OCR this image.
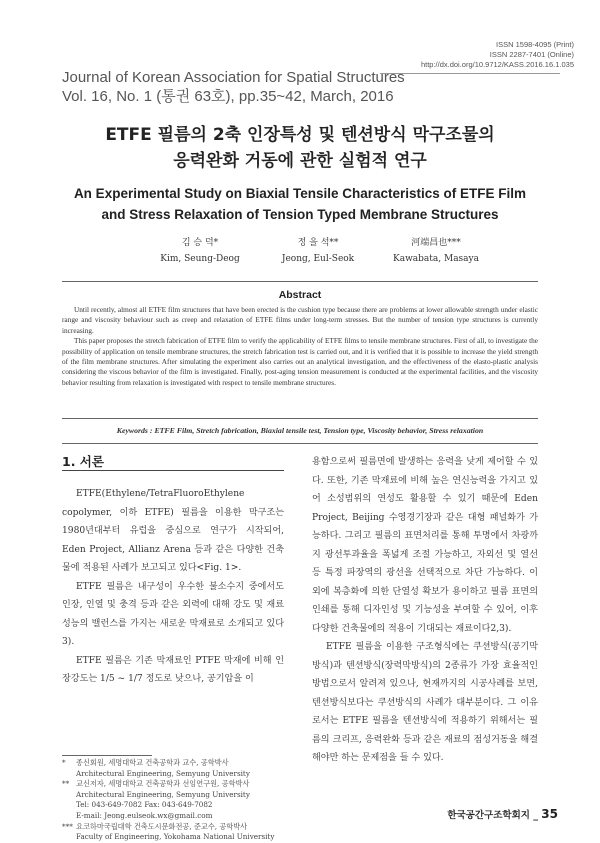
ISSN 1598-4095 (Print)
ISSN 2287-7401 (Online)
http://dx.doi.org/10.9712/KASS.2016.16.1.035
Journal of Korean Association for Spatial Structures
Vol. 16, No. 1 (통권 63호), pp.35~42, March, 2016
ETFE 필름의 2축 인장특성 및 텐션방식 막구조물의
응력완화 거동에 관한 실험적 연구
An Experimental Study on Biaxial Tensile Characteristics of ETFE Film
and Stress Relaxation of Tension Typed Membrane Structures
김 승 덕*
Kim, Seung-Deog
정 을 석**
Jeong, Eul-Seok
河端昌也***
Kawabata, Masaya
Abstract

Until recently, almost all ETFE film structures that have been erected is the cushion type because there are problems at lower allowable strength under elastic range and viscosity behaviour such as creep and relaxation of ETFE films under long-term stresses. But the number of tension type structures is currently increasing.

This paper proposes the stretch fabrication of ETFE film to verify the applicability of ETFE films to tensile membrane structures. First of all, to investigate the possibility of application on tensile membrane structures, the stretch fabrication test is carried out, and it is verified that it is possible to increase the yield strength of the film membrane structures. After simulating the experiment also carries out an analytical investigation, and the effectiveness of the elasto-plastic analysis considering the viscous behavior of the film is investigated. Finally, post-aging tension measurement is conducted at the experimental facilities, and the viscosity behavior resulting from relaxation is investigated with respect to tensile membrane structures.

Keywords : ETFE Film, Stretch fabrication, Biaxial tensile test, Tension type, Viscosity behavior, Stress relaxation
1. 서론

ETFE(Ethylene/TetraFluoroEthylene copolymer, 이하 ETFE) 필름을 이용한 막구조는 1980년대부터 유럽을 중심으로 연구가 시작되어, Eden Project, Allianz Arena 등과 같은 다양한 건축물에 적용된 사례가 보고되고 있다<Fig. 1>.

ETFE 필름은 내구성이 우수한 불소수지 중에서도 인장, 인열 및 충격 등과 같은 외력에 대해 강도 및 재료 성능의 밸런스를 가지는 새로운 막재료로 소개되고 있다3).

ETFE 필름은 기존 막재료인 PTFE 막재에 비해 인장강도는 1/5 ~ 1/7 정도로 낮으나, 공기압을 이

*	종신회원, 세명대학교 건축공학과 교수, 공학박사
Architectural Engineering, Semyung University
** 교신저자, 세명대학교 건축공학과 선임연구원, 공학박사
Architectural Engineering, Semyung University
Tel: 043-649-7082 Fax: 043-649-7082
E-mail: Jeong.eulseok.wx@gmail.com
*** 요코하마국립대학 건축도시문화전공, 준교수, 공학박사
Faculty of Engineering, Yokohama National University

용함으로써 필름면에 발생하는 응력을 낮게 제어할 수 있다. 또한, 기존 막재료에 비해 높은 연신능력을 가지고 있어 소성범위의 연성도 활용할 수 있기 때문에 Eden Project, Beijing 수영경기장과 같은 대형 패널화가 가능하다. 그리고 필름의 표면처리를 통해 투명에서 차광까지 광선투과율을 폭넓게 조절 가능하고, 자외선 및 열선 등 특정 파장역의 광선을 선택적으로 차단 가능하다. 이 외에 복층화에 의한 단열성 확보가 용이하고 필름 표면의 인쇄를 통해 디자인성 및 기능성을 부여할 수 있어, 이후 다양한 건축물에의 적용이 기대되는 재료이다2,3).

ETFE 필름을 이용한 구조형식에는 쿠션방식(공기막방식)과 텐션방식(장력막방식)의 2종류가 가장 효율적인 방법으로서 알려져 있으나, 현재까지의 시공사례를 보면, 텐션방식보다는 쿠션방식의 사례가 대부분이다. 그 이유로서는 ETFE 필름을 텐션방식에 적용하기 위해서는 필름의 크리프, 응력완화 등과 같은 재료의 점성거동을 해결해야만 하는 문제점을 들 수 있다.

한국공간구조학회지 _ 35
